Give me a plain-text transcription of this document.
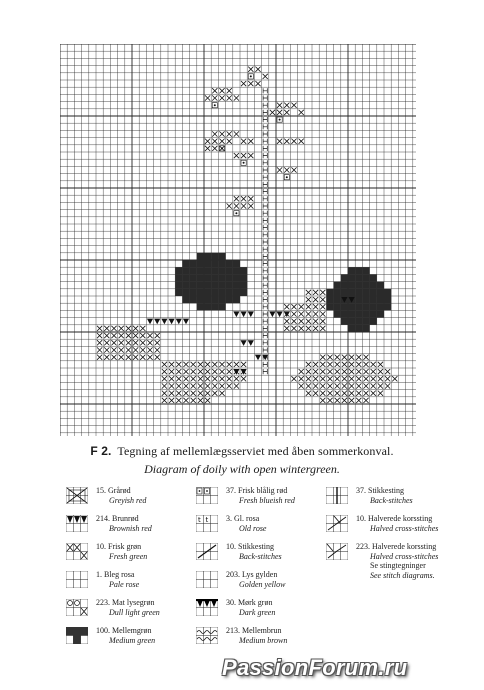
F 2. Tegning af mellemlægsserviet med åben sommerkonval.
Diagram of doily with open wintergreen.
15. Grårød
Greyish red
214. Brunrød
Brownish red
10. Frisk grøn
Fresh green
1. Bleg rosa
Pale rose
223. Mat lysegrøn
Dull light green
100. Mellemgrøn
Medium green
37. Frisk blålig rød
Fresh blueish red
t t 3. Gl. rosa
Old rose
10. Stikkesting
Back-stitches
203. Lys gylden
Golden yellow
30. Mørk grøn
Dark green
213. Mellembrun
Medium brown
37. Stikkesting
Back-stitches
10. Halverede korssting
Halved cross-stitches
223. Halverede korssting
Halved cross-stitches
Se stingtegninger
See stitch diagrams.
PassionForum.ru
